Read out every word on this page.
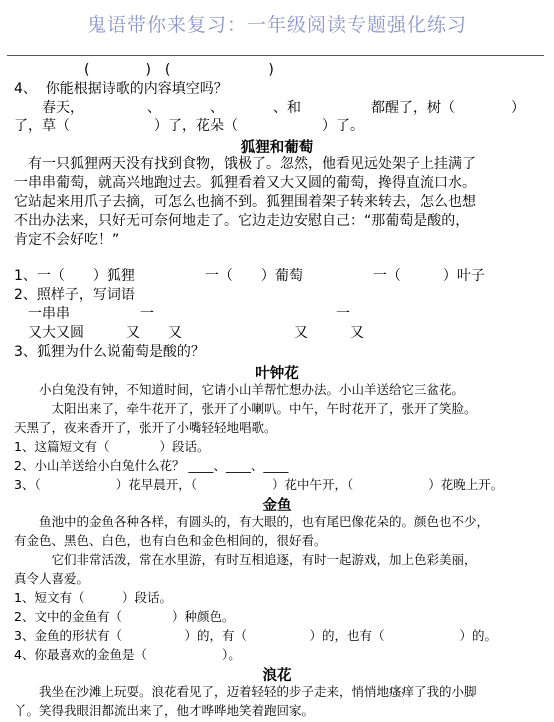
鬼语带你来复习：一年级阅读专题强化练习
　　　　　(　　　　)　(　　　　　　　)
4、  你能根据诗歌的内容填空吗？
　　春天，　　　　　、　　　　、　　　　、和　　　　　都醒了，树（　　　　）
了，草（　　　　　　）了，花朵（　　　　　　）了。
狐狸和葡萄
　有一只狐狸两天没有找到食物，饿极了。忽然，他看见远处架子上挂满了
一串串葡萄，就高兴地跑过去。狐狸看着又大又圆的葡萄，搀得直流口水。
它站起来用爪子去摘，可怎么也摘不到。狐狸围着架子转来转去，怎么也想
不出办法来，只好无可奈何地走了。它边走边安慰自己：“那葡萄是酸的，
肯定不会好吃！”
1、一（　　）狐狸　　　　　一（　　）葡萄　　　　　一（　　　）叶子
2、照样子，写词语
　一串串　　　　　一　　　　　　　　　　　　　一
　又大又圆　　　又　　又　　　　　　　　又　　　又
3、狐狸为什么说葡萄是酸的？
叶钟花
　　小白兔没有钟，不知道时间，它请小山羊帮忙想办法。小山羊送给它三盆花。
　　　太阳出来了，牵牛花开了，张开了小喇叭。中午，午时花开了，张开了笑脸。
天黑了，夜来香开了，张开了小嘴轻轻地唱歌。
1、这篇短文有（　　　　）段话。
2、小山羊送给小白兔什么花？ ____、____、____
3、（　　　　　　）花早晨开，（　　　　　　）花中午开，（　　　　　　）花晚上开。
金鱼
　　鱼池中的金鱼各种各样，有圆头的，有大眼的，也有尾巴像花朵的。颜色也不少，
有金色、黑色、白色，也有白色和金色相间的，很好看。
　　　它们非常活泼，常在水里游，有时互相追逐，有时一起游戏，加上色彩美丽，
真令人喜爱。
1、短文有（　　　）段话。
2、文中的金鱼有（　　　　）种颜色。
3、金鱼的形状有（　　　　　）的，有（　　　　　）的，也有（　　　　　　）的。
4、你最喜欢的金鱼是（　　　　　　）。
浪花
　　我坐在沙滩上玩耍。浪花看见了，迈着轻轻的步子走来，悄悄地瘙痒了我的小脚
丫。笑得我眼泪都流出来了，他才哗哗地笑着跑回家。
